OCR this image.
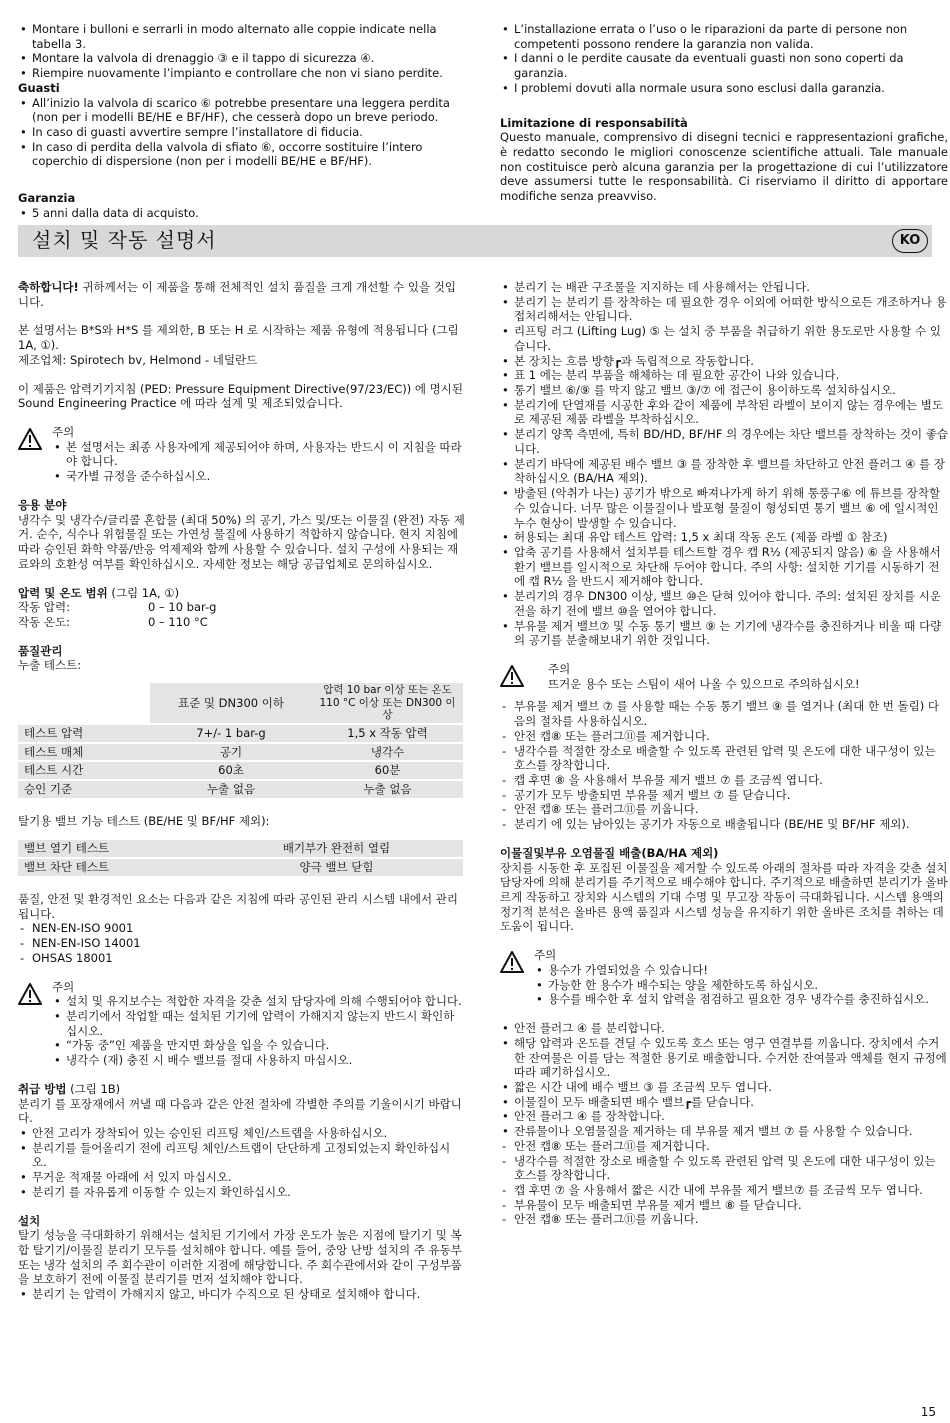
• Montare i bulloni e serrarli in modo alternato alle coppie indicate nella tabella 3.
• Montare la valvola di drenaggio ③ e il tappo di sicurezza ④.
• Riempire nuovamente l’impianto e controllare che non vi siano perdite.

Guasti

• All’inizio la valvola di scarico ⑥ potrebbe presentare una leggera perdita (non per i modelli BE/HE e BF/HF), che cesserà dopo un breve periodo.
• In caso di guasti avvertire sempre l’installatore di fiducia.
• In caso di perdita della valvola di sfiato ⑥, occorre sostituire l’intero coperchio di dispersione (non per i modelli BE/HE e BF/HF).

Garanzia

• 5 anni dalla data di acquisto.
• L’installazione errata o l’uso o le riparazioni da parte di persone non competenti possono rendere la garanzia non valida.
• I danni o le perdite causate da eventuali guasti non sono coperti da garanzia.
• I problemi dovuti alla normale usura sono esclusi dalla garanzia.

Limitazione di responsabilità

Questo manuale, comprensivo di disegni tecnici e rappresentazioni grafiche, è redatto secondo le migliori conoscenze scientifiche attuali. Tale manuale non costituisce però alcuna garanzia per la progettazione di cui l’utilizzatore deve assumersi tutte le responsabilità. Ci riserviamo il diritto di apportare modifiche senza preavviso.

설치 및 작동 설명서	KO

축하합니다! 귀하께서는 이 제품을 통해 전체적인 설치 품질을 크게 개선할 수 있을 것입니다.

본 설명서는 B*S와 H*S 를 제외한, B 또는 H 로 시작하는 제품 유형에 적용됩니다 (그림 1A, ①).

제조업체: Spirotech bv, Helmond - 네덜란드

이 제품은 압력기기지침 (PED: Pressure Equipment Directive(97/23/EC)) 에 명시된 Sound Engineering Practice 에 따라 설계 및 제조되었습니다.

주의

• 본 설명서는 최종 사용자에게 제공되어야 하며, 사용자는 반드시 이 지침을 따라야 합니다.
• 국가별 규정을 준수하십시오.

응용 분야

냉각수 및 냉각수/글리콜 혼합물 (최대 50%) 의 공기, 가스 및/또는 이물질 (완전) 자동 제거. 순수, 식수나 위험물질 또는 가연성 물질에 사용하기 적합하지 않습니다. 현지 지침에 따라 승인된 화학 약품/반응 억제제와 함께 사용할 수 있습니다. 설치 구성에 사용되는 재료와의 호환성 여부를 확인하십시오. 자세한 정보는 해당 공급업체로 문의하십시오.

압력 및 온도 범위 (그림 1A, ①)

작동 압력:	0 – 10 bar-g
작동 온도:	0 – 110 °C

품질관리

누출 테스트:

	표준 및 DN300 이하	압력 10 bar 이상 또는 온도 110 °C 이상 또는 DN300 이상
테스트 압력	7+/- 1 bar-g	1,5 x 작동 압력
테스트 매체	공기	냉각수
테스트 시간	60초	60분
승인 기준	누출 없음	누출 없음

탈기용 밸브 기능 테스트 (BE/HE 및 BF/HF 제외):

밸브 열기 테스트	배기부가 완전히 열림
밸브 차단 테스트	양극 밸브 닫힘

품질, 안전 및 환경적인 요소는 다음과 같은 지침에 따라 공인된 관리 시스템 내에서 관리됩니다.

- NEN-EN-ISO 9001
- NEN-EN-ISO 14001
- OHSAS 18001

주의

• 설치 및 유지보수는 적합한 자격을 갖춘 설치 담당자에 의해 수행되어야 합니다.
• 분리기에서 작업할 때는 설치된 기기에 압력이 가해지지 않는지 반드시 확인하십시오.
• “가동 중”인 제품을 만지면 화상을 입을 수 있습니다.
• 냉각수 (재) 충진 시 배수 밸브를 절대 사용하지 마십시오.

취급 방법 (그림 1B)

분리기 를 포장재에서 꺼낼 때 다음과 같은 안전 절차에 각별한 주의를 기울이시기 바랍니다.

• 안전 고리가 장착되어 있는 승인된 리프팅 체인/스트랩을 사용하십시오.
• 분리기를 들어올리기 전에 리프팅 체인/스트랩이 단단하게 고정되었는지 확인하십시오.
• 무거운 적재물 아래에 서 있지 마십시오.
• 분리기 를 자유롭게 이동할 수 있는지 확인하십시오.

설치

탈기 성능을 극대화하기 위해서는 설치된 기기에서 가장 온도가 높은 지점에 탈기기 및 복합 탈기기/이물질 분리기 모두를 설치해야 합니다. 예를 들어, 중앙 난방 설치의 주 유동부 또는 냉각 설치의 주 회수관이 이러한 지점에 해당합니다. 주 회수관에서와 같이 구성부품을 보호하기 전에 이물질 분리기를 먼저 설치해야 합니다.

• 분리기 는 압력이 가해지지 않고, 바디가 수직으로 된 상태로 설치해야 합니다.
• 분리기 는 배관 구조물을 지지하는 데 사용해서는 안됩니다.
• 분리기 는 분리기 를 장착하는 데 필요한 경우 이외에 어떠한 방식으로든 개조하거나 용접처리해서는 안됩니다.
• 리프팅 러그 (Lifting Lug) ⑤ 는 설치 중 부품을 취급하기 위한 용도로만 사용할 수 있습니다.
• 본 장치는 흐름 방향┏과 독립적으로 작동합니다.
• 표 1 에는 분리 부품을 해체하는 데 필요한 공간이 나와 있습니다.
• 통기 밸브 ⑥/⑨ 를 막지 않고 밸브 ③/⑦ 에 접근이 용이하도록 설치하십시오.
• 분리기에 단열재를 시공한 후와 같이 제품에 부착된 라벨이 보이지 않는 경우에는 별도로 제공된 제품 라벨을 부착하십시오.
• 분리기 양쪽 측면에, 특히 BD/HD, BF/HF 의 경우에는 차단 밸브를 장착하는 것이 좋습니다.
• 분리기 바닥에 제공된 배수 밸브 ③ 를 장착한 후 밸브를 차단하고 안전 플러그 ④ 를 장착하십시오 (BA/HA 제외).
• 방출된 (악취가 나는) 공기가 밖으로 빠져나가게 하기 위해 통풍구⑥ 에 튜브를 장착할 수 있습니다. 너무 많은 이물질이나 발포형 물질이 형성되면 통기 밸브 ⑥ 에 일시적인 누수 현상이 발생할 수 있습니다.
• 허용되는 최대 유압 테스트 압력: 1,5 x 최대 작동 온도 (제품 라벨 ① 참조)
• 압축 공기를 사용해서 설치부를 테스트할 경우 캡 R½ (제공되지 않음) ⑥ 을 사용해서 환기 밸브를 일시적으로 차단해 두어야 합니다. 주의 사항: 설치한 기기를 시동하기 전에 캡 R½ 을 반드시 제거해야 합니다.
• 분리기의 경우 DN300 이상, 밸브 ⑩은 닫혀 있어야 합니다. 주의: 설치된 장치를 시운전을 하기 전에 밸브 ⑩을 열어야 합니다.
• 부유물 제거 밸브⑦ 및 수동 통기 밸브 ⑨ 는 기기에 냉각수를 충진하거나 비울 때 다량의 공기를 분출해보내기 위한 것입니다.

주의

뜨거운 용수 또는 스팀이 새어 나올 수 있으므로 주의하십시오!

- 부유물 제거 밸브 ⑦ 를 사용할 때는 수동 통기 밸브 ⑨ 를 열거나 (최대 한 번 돌림) 다음의 절차를 사용하십시오.
- 안전 캡⑧ 또는 플러그⑪를 제거합니다.
- 냉각수를 적절한 장소로 배출할 수 있도록 관련된 압력 및 온도에 대한 내구성이 있는 호스를 장착합니다.
- 캡 후면 ⑧ 을 사용해서 부유물 제거 밸브 ⑦ 를 조금씩 엽니다.
- 공기가 모두 방출되면 부유물 제거 밸브 ⑦ 를 닫습니다.
- 안전 캡⑧ 또는 플러그⑪를 끼웁니다.
- 분리기 에 있는 남아있는 공기가 자동으로 배출됩니다 (BE/HE 및 BF/HF 제외).

이물질및부유 오염물질 배출(BA/HA 제외)

장치를 시동한 후 포집된 이물질을 제거할 수 있도록 아래의 절차를 따라 자격을 갖춘 설치 담당자에 의해 분리기를 주기적으로 배수해야 합니다. 주기적으로 배출하면 분리기가 올바르게 작동하고 장치와 시스템의 기대 수명 및 무고장 작동이 극대화됩니다. 시스템 용액의 정기적 분석은 올바른 용액 품질과 시스템 성능을 유지하기 위한 올바른 조치를 취하는 데 도움이 됩니다.

주의

• 용수가 가열되었을 수 있습니다!
• 가능한 한 용수가 배수되는 양을 제한하도록 하십시오.
• 용수를 배수한 후 설치 압력을 점검하고 필요한 경우 냉각수를 충진하십시오.
• 안전 플러그 ④ 를 분리합니다.
• 해당 압력과 온도를 견딜 수 있도록 호스 또는 영구 연결부를 끼웁니다. 장치에서 수거한 잔여물은 이를 담는 적절한 용기로 배출합니다. 수거한 잔여물과 액체를 현지 규정에 따라 폐기하십시오.
• 짧은 시간 내에 배수 밸브 ③ 를 조금씩 모두 엽니다.
• 이물질이 모두 배출되면 배수 밸브┏를 닫습니다.
• 안전 플러그 ④ 를 장착합니다.
• 잔류물이나 오염물질을 제거하는 데 부유물 제거 밸브 ⑦ 를 사용할 수 있습니다.
- 안전 캡⑧ 또는 플러그⑪를 제거합니다.
- 냉각수를 적절한 장소로 배출할 수 있도록 관련된 압력 및 온도에 대한 내구성이 있는 호스를 장착합니다.
- 캡 후면 ⑦ 을 사용해서 짧은 시간 내에 부유물 제거 밸브⑦ 를 조금씩 모두 엽니다.
- 부유물이 모두 배출되면 부유물 제거 밸브 ⑧ 를 닫습니다.
- 안전 캡⑧ 또는 플러그⑪를 끼웁니다.
15
